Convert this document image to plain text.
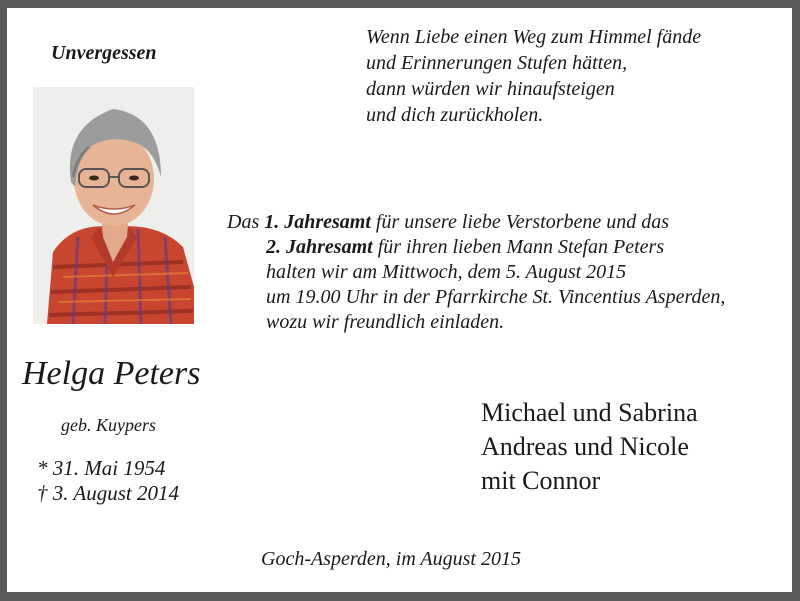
Unvergessen
Wenn Liebe einen Weg zum Himmel fände
und Erinnerungen Stufen hätten,
dann würden wir hinaufsteigen
und dich zurückholen.
Das 1. Jahresamt für unsere liebe Verstorbene und das
2. Jahresamt für ihren lieben Mann Stefan Peters
halten wir am Mittwoch, dem 5. August 2015
um 19.00 Uhr in der Pfarrkirche St. Vincentius Asperden,
wozu wir freundlich einladen.
Helga Peters
geb. Kuypers
* 31. Mai 1954
† 3. August 2014
Michael und Sabrina
Andreas und Nicole
mit Connor
Goch-Asperden, im August 2015
